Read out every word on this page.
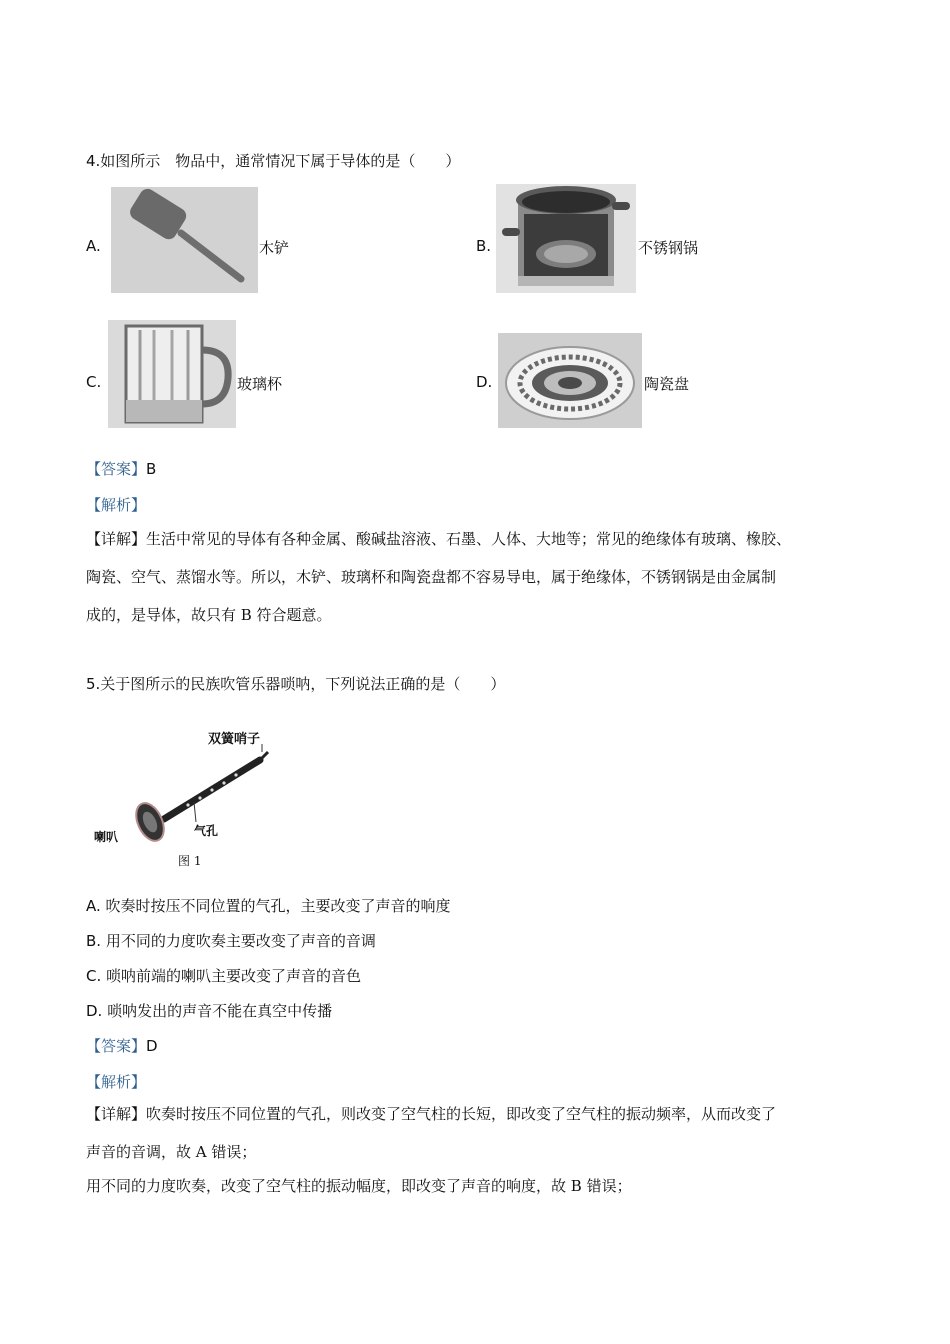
4.如图所示　物品中，通常情况下属于导体的是（　　）
A.	木铲	B.	不锈钢锅
C.	玻璃杯	D.	陶瓷盘
【答案】B
【解析】
【详解】生活中常见的导体有各种金属、酸碱盐溶液、石墨、人体、大地等；常见的绝缘体有玻璃、橡胶、
陶瓷、空气、蒸馏水等。所以，木铲、玻璃杯和陶瓷盘都不容易导电，属于绝缘体，不锈钢锅是由金属制
成的，是导体，故只有 B 符合题意。
5.关于图所示的民族吹管乐器唢呐，下列说法正确的是（　　）
双簧哨子
喇叭	气孔
图 1
A. 吹奏时按压不同位置的气孔，主要改变了声音的响度
B. 用不同的力度吹奏主要改变了声音的音调
C. 唢呐前端的喇叭主要改变了声音的音色
D. 唢呐发出的声音不能在真空中传播
【答案】D
【解析】
【详解】吹奏时按压不同位置的气孔，则改变了空气柱的长短，即改变了空气柱的振动频率，从而改变了
声音的音调，故 A 错误；
用不同的力度吹奏，改变了空气柱的振动幅度，即改变了声音的响度，故 B 错误；
